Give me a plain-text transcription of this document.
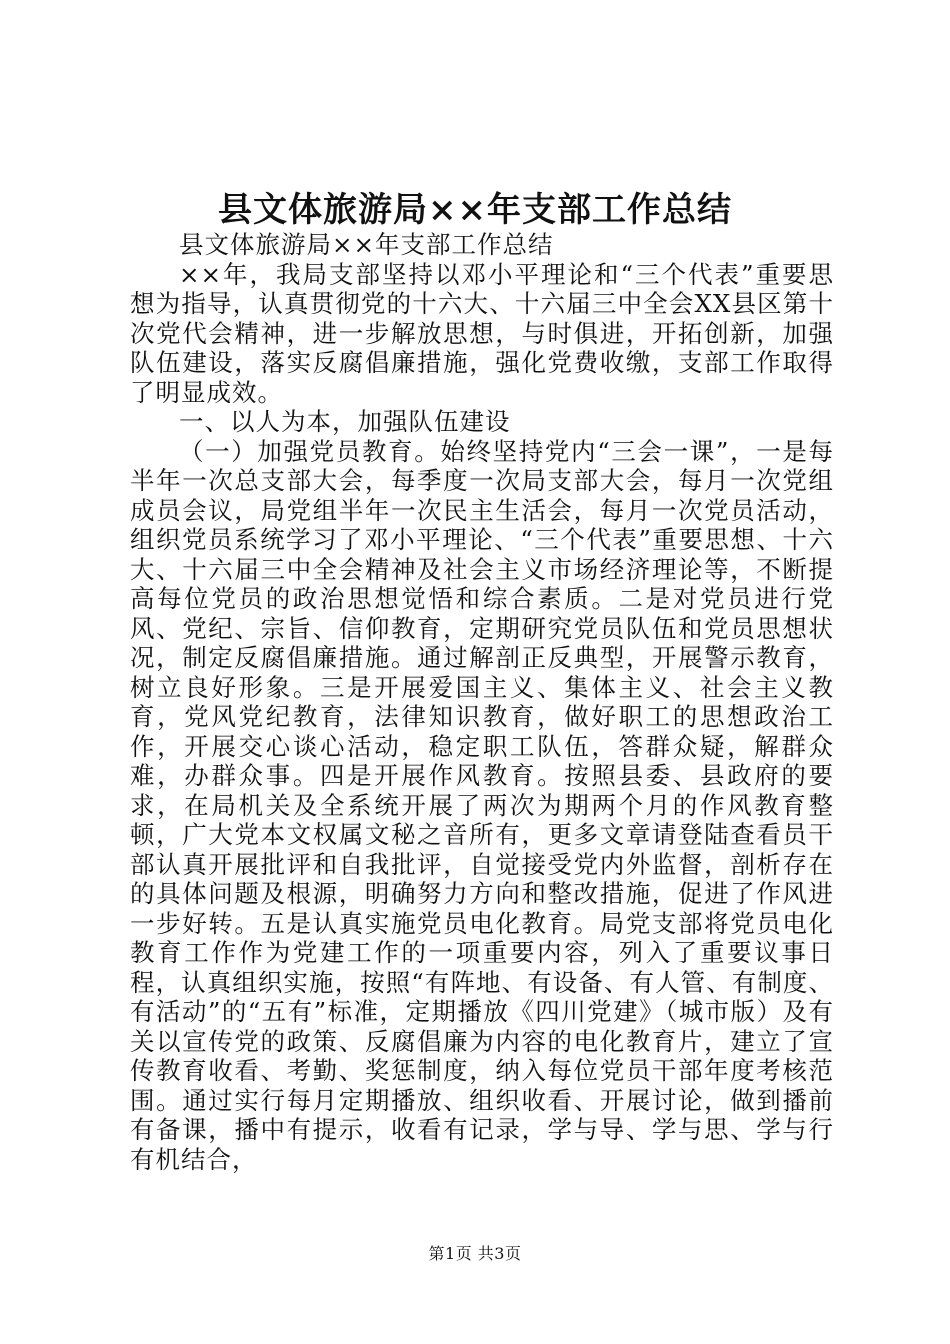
县文体旅游局××年支部工作总结

县文体旅游局××年支部工作总结

××年，我局支部坚持以邓小平理论和“三个代表”重要思想为指导，认真贯彻党的十六大、十六届三中全会XX县区第十次党代会精神，进一步解放思想，与时俱进，开拓创新，加强队伍建设，落实反腐倡廉措施，强化党费收缴，支部工作取得了明显成效。

一、以人为本，加强队伍建设

（一）加强党员教育。始终坚持党内“三会一课”，一是每半年一次总支部大会，每季度一次局支部大会，每月一次党组成员会议，局党组半年一次民主生活会，每月一次党员活动，组织党员系统学习了邓小平理论、“三个代表”重要思想、十六大、十六届三中全会精神及社会主义市场经济理论等，不断提高每位党员的政治思想觉悟和综合素质。二是对党员进行党风、党纪、宗旨、信仰教育，定期研究党员队伍和党员思想状况，制定反腐倡廉措施。通过解剖正反典型，开展警示教育，树立良好形象。三是开展爱国主义、集体主义、社会主义教育，党风党纪教育，法律知识教育，做好职工的思想政治工作，开展交心谈心活动，稳定职工队伍，答群众疑，解群众难，办群众事。四是开展作风教育。按照县委、县政府的要求，在局机关及全系统开展了两次为期两个月的作风教育整顿，广大党本文权属文秘之音所有，更多文章请登陆查看员干部认真开展批评和自我批评，自觉接受党内外监督，剖析存在的具体问题及根源，明确努力方向和整改措施，促进了作风进一步好转。五是认真实施党员电化教育。局党支部将党员电化教育工作作为党建工作的一项重要内容，列入了重要议事日程，认真组织实施，按照“有阵地、有设备、有人管、有制度、有活动”的“五有”标准，定期播放《四川党建》（城市版）及有关以宣传党的政策、反腐倡廉为内容的电化教育片，建立了宣传教育收看、考勤、奖惩制度，纳入每位党员干部年度考核范围。通过实行每月定期播放、组织收看、开展讨论，做到播前有备课，播中有提示，收看有记录，学与导、学与思、学与行有机结合，

第1页 共3页
